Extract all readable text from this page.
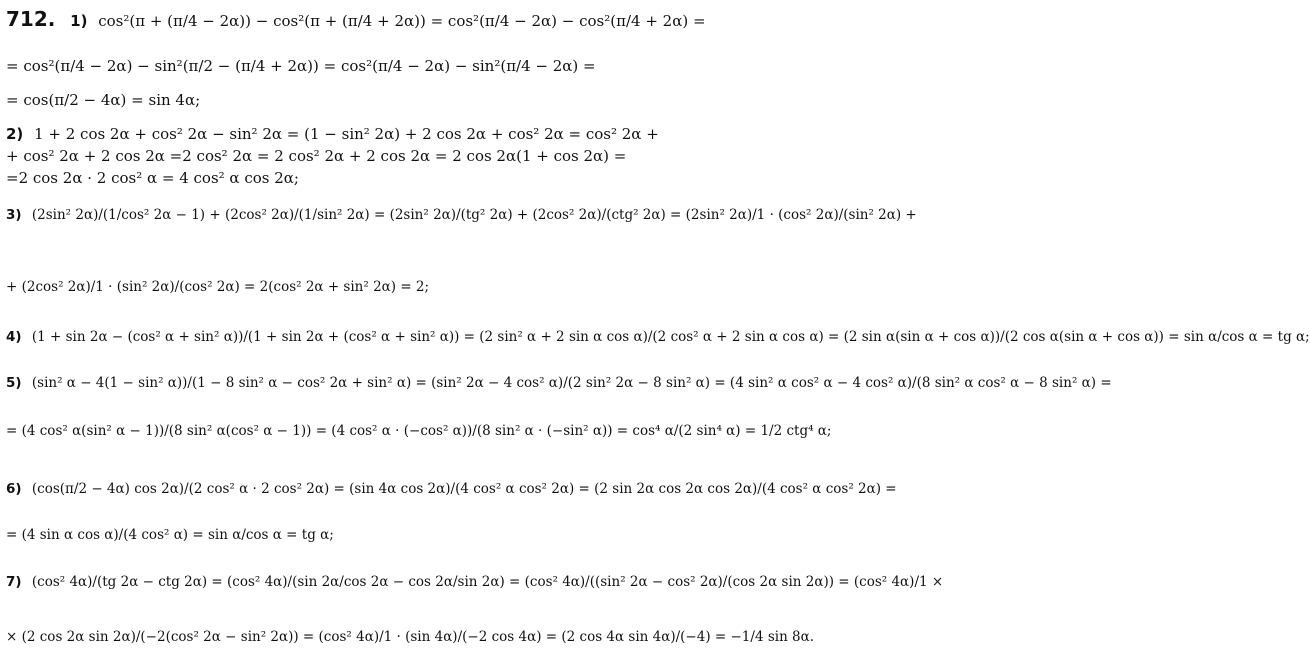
712. 1) cos²(π + (π/4 − 2α)) − cos²(π + (π/4 + 2α)) = cos²(π/4 − 2α) − cos²(π/4 + 2α) =
= cos²(π/4 − 2α) − sin²(π/2 − (π/4 + 2α)) = cos²(π/4 − 2α) − sin²(π/4 − 2α) =
= cos(π/2 − 4α) = sin 4α;
2) 1 + 2 cos 2α + cos² 2α − sin² 2α = (1 − sin² 2α) + 2 cos 2α + cos² 2α = cos² 2α +
+ cos² 2α + 2 cos 2α =2 cos² 2α = 2 cos² 2α + 2 cos 2α = 2 cos 2α(1 + cos 2α) =
=2 cos 2α · 2 cos² α = 4 cos² α cos 2α;
3) (2sin² 2α)/(1/cos² 2α − 1) + (2cos² 2α)/(1/sin² 2α) = (2sin² 2α)/(tg² 2α) + (2cos² 2α)/(ctg² 2α) = (2sin² 2α)/1 · (cos² 2α)/(sin² 2α) +
+ (2cos² 2α)/1 · (sin² 2α)/(cos² 2α) = 2(cos² 2α + sin² 2α) = 2;
4) (1 + sin 2α − (cos² α + sin² α))/(1 + sin 2α + (cos² α + sin² α)) = (2 sin² α + 2 sin α cos α)/(2 cos² α + 2 sin α cos α) = (2 sin α(sin α + cos α))/(2 cos α(sin α + cos α)) = sin α/cos α = tg α;
5) (sin² α − 4(1 − sin² α))/(1 − 8 sin² α − cos² 2α + sin² α) = (sin² 2α − 4 cos² α)/(2 sin² 2α − 8 sin² α) = (4 sin² α cos² α − 4 cos² α)/(8 sin² α cos² α − 8 sin² α) =
= (4 cos² α(sin² α − 1))/(8 sin² α(cos² α − 1)) = (4 cos² α · (−cos² α))/(8 sin² α · (−sin² α)) = cos⁴ α/(2 sin⁴ α) = 1/2 ctg⁴ α;
6) (cos(π/2 − 4α) cos 2α)/(2 cos² α · 2 cos² 2α) = (sin 4α cos 2α)/(4 cos² α cos² 2α) = (2 sin 2α cos 2α cos 2α)/(4 cos² α cos² 2α) =
= (4 sin α cos α)/(4 cos² α) = sin α/cos α = tg α;
7) (cos² 4α)/(tg 2α − ctg 2α) = (cos² 4α)/(sin 2α/cos 2α − cos 2α/sin 2α) = (cos² 4α)/((sin² 2α − cos² 2α)/(cos 2α sin 2α)) = (cos² 4α)/1 ×
× (2 cos 2α sin 2α)/(−2(cos² 2α − sin² 2α)) = (cos² 4α)/1 · (sin 4α)/(−2 cos 4α) = (2 cos 4α sin 4α)/(−4) = −1/4 sin 8α.
